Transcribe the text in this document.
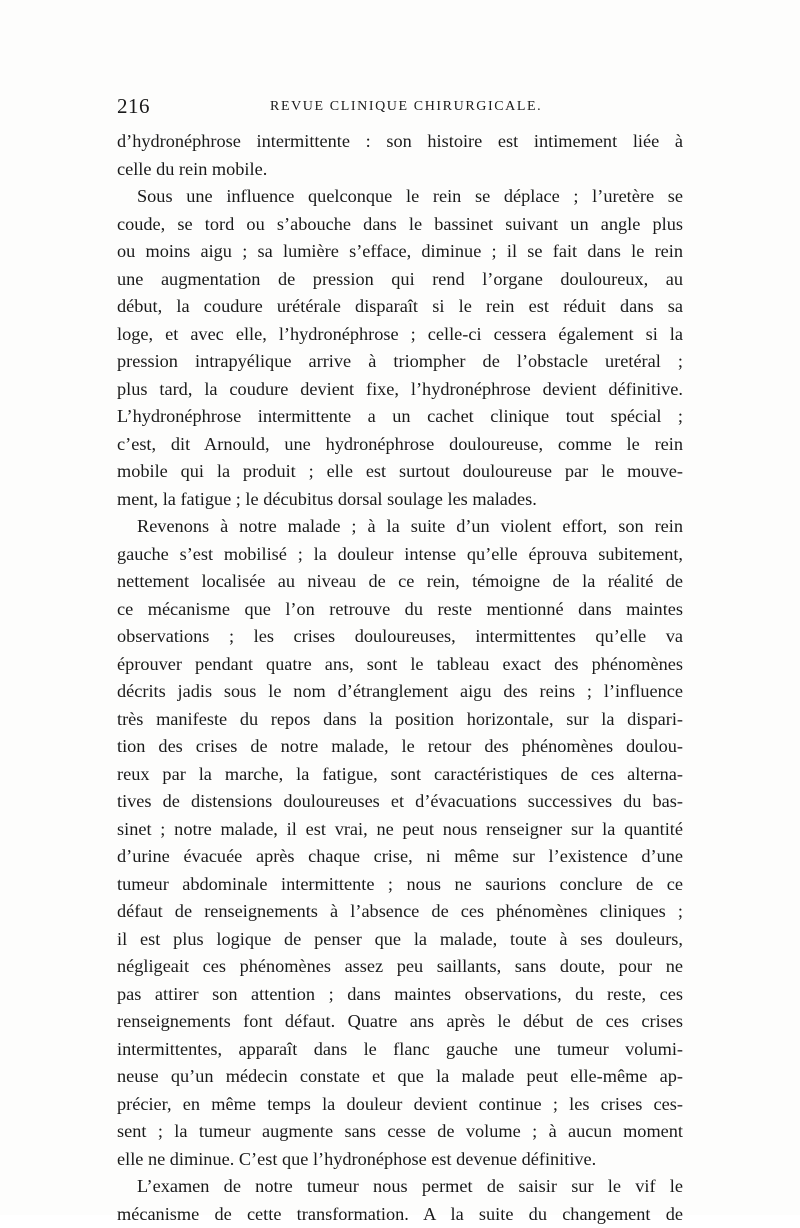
216	REVUE CLINIQUE CHIRURGICALE.
d’hydronéphrose intermittente : son histoire est intimement liée à
celle du rein mobile.
Sous une influence quelconque le rein se déplace ; l’uretère se
coude, se tord ou s’abouche dans le bassinet suivant un angle plus
ou moins aigu ; sa lumière s’efface, diminue ; il se fait dans le rein
une augmentation de pression qui rend l’organe douloureux, au
début, la coudure urétérale disparaît si le rein est réduit dans sa
loge, et avec elle, l’hydronéphrose ; celle-ci cessera également si la
pression intrapyélique arrive à triompher de l’obstacle uretéral ;
plus tard, la coudure devient fixe, l’hydronéphrose devient définitive.
L’hydronéphrose intermittente a un cachet clinique tout spécial ;
c’est, dit Arnould, une hydronéphrose douloureuse, comme le rein
mobile qui la produit ; elle est surtout douloureuse par le mouve-
ment, la fatigue ; le décubitus dorsal soulage les malades.
Revenons à notre malade ; à la suite d’un violent effort, son rein
gauche s’est mobilisé ; la douleur intense qu’elle éprouva subitement,
nettement localisée au niveau de ce rein, témoigne de la réalité de
ce mécanisme que l’on retrouve du reste mentionné dans maintes
observations ; les crises douloureuses, intermittentes qu’elle va
éprouver pendant quatre ans, sont le tableau exact des phénomènes
décrits jadis sous le nom d’étranglement aigu des reins ; l’influence
très manifeste du repos dans la position horizontale, sur la dispari-
tion des crises de notre malade, le retour des phénomènes doulou-
reux par la marche, la fatigue, sont caractéristiques de ces alterna-
tives de distensions douloureuses et d’évacuations successives du bas-
sinet ; notre malade, il est vrai, ne peut nous renseigner sur la quantité
d’urine évacuée après chaque crise, ni même sur l’existence d’une
tumeur abdominale intermittente ; nous ne saurions conclure de ce
défaut de renseignements à l’absence de ces phénomènes cliniques ;
il est plus logique de penser que la malade, toute à ses douleurs,
négligeait ces phénomènes assez peu saillants, sans doute, pour ne
pas attirer son attention ; dans maintes observations, du reste, ces
renseignements font défaut. Quatre ans après le début de ces crises
intermittentes, apparaît dans le flanc gauche une tumeur volumi-
neuse qu’un médecin constate et que la malade peut elle-même ap-
précier, en même temps la douleur devient continue ; les crises ces-
sent ; la tumeur augmente sans cesse de volume ; à aucun moment
elle ne diminue. C’est que l’hydronéphose est devenue définitive.
L’examen de notre tumeur nous permet de saisir sur le vif le
mécanisme de cette transformation. A la suite du changement de
